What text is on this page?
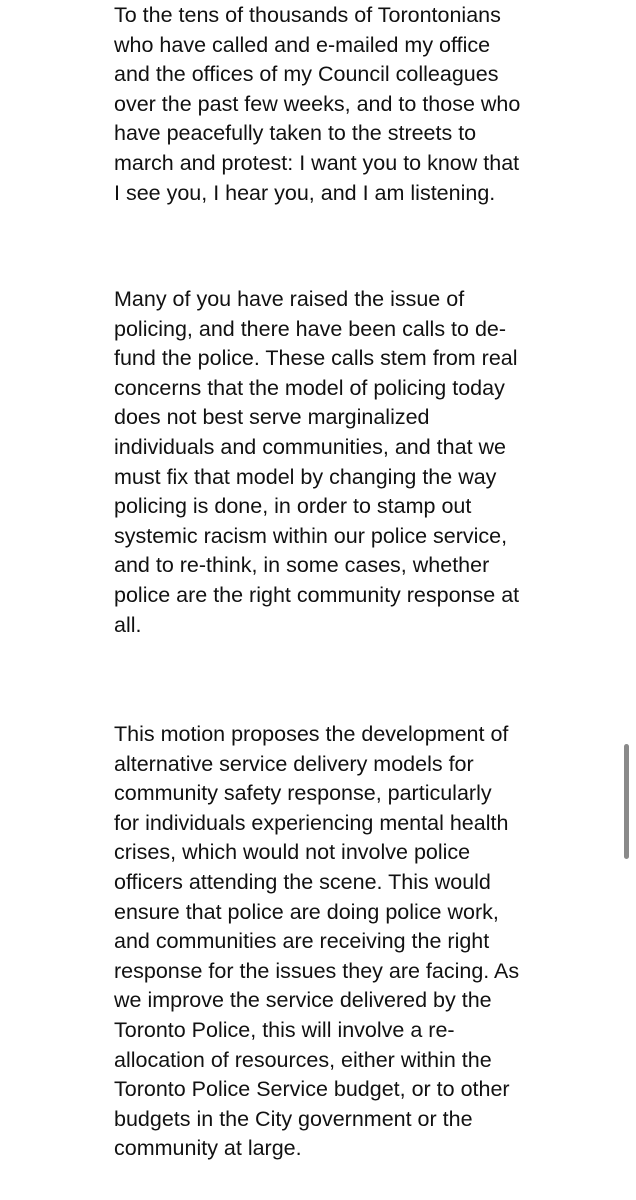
To the tens of thousands of Torontonians
who have called and e-mailed my office
and the offices of my Council colleagues
over the past few weeks, and to those who
have peacefully taken to the streets to
march and protest: I want you to know that
I see you, I hear you, and I am listening.

Many of you have raised the issue of
policing, and there have been calls to de-
fund the police. These calls stem from real
concerns that the model of policing today
does not best serve marginalized
individuals and communities, and that we
must fix that model by changing the way
policing is done, in order to stamp out
systemic racism within our police service,
and to re-think, in some cases, whether
police are the right community response at
all.

This motion proposes the development of
alternative service delivery models for
community safety response, particularly
for individuals experiencing mental health
crises, which would not involve police
officers attending the scene. This would
ensure that police are doing police work,
and communities are receiving the right
response for the issues they are facing. As
we improve the service delivered by the
Toronto Police, this will involve a re-
allocation of resources, either within the
Toronto Police Service budget, or to other
budgets in the City government or the
community at large.
